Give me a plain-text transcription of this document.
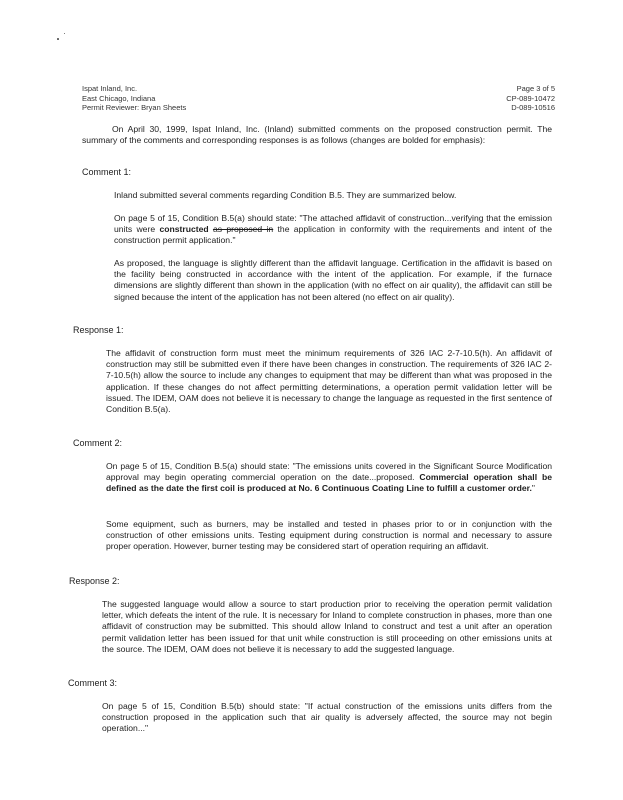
Ispat Inland, Inc.
East Chicago, Indiana
Permit Reviewer: Bryan Sheets
Page 3 of 5
CP-089-10472
D-089-10516

On April 30, 1999, Ispat Inland, Inc. (Inland) submitted comments on the proposed construction permit. The summary of the comments and corresponding responses is as follows (changes are bolded for emphasis):

Comment 1:

Inland submitted several comments regarding Condition B.5. They are summarized below.

On page 5 of 15, Condition B.5(a) should state: "The attached affidavit of construction...verifying that the emission units were constructed as proposed in the application in conformity with the requirements and intent of the construction permit application."

As proposed, the language is slightly different than the affidavit language. Certification in the affidavit is based on the facility being constructed in accordance with the intent of the application. For example, if the furnace dimensions are slightly different than shown in the application (with no effect on air quality), the affidavit can still be signed because the intent of the application has not been altered (no effect on air quality).

Response 1:

The affidavit of construction form must meet the minimum requirements of 326 IAC 2-7-10.5(h). An affidavit of construction may still be submitted even if there have been changes in construction. The requirements of 326 IAC 2-7-10.5(h) allow the source to include any changes to equipment that may be different than what was proposed in the application. If these changes do not affect permitting determinations, a operation permit validation letter will be issued. The IDEM, OAM does not believe it is necessary to change the language as requested in the first sentence of Condition B.5(a).

Comment 2:

On page 5 of 15, Condition B.5(a) should state: "The emissions units covered in the Significant Source Modification approval may begin operating commercial operation on the date...proposed. Commercial operation shall be defined as the date the first coil is produced at No. 6 Continuous Coating Line to fulfill a customer order."

Some equipment, such as burners, may be installed and tested in phases prior to or in conjunction with the construction of other emissions units. Testing equipment during construction is normal and necessary to assure proper operation. However, burner testing may be considered start of operation requiring an affidavit.

Response 2:

The suggested language would allow a source to start production prior to receiving the operation permit validation letter, which defeats the intent of the rule. It is necessary for Inland to complete construction in phases, more than one affidavit of construction may be submitted. This should allow Inland to construct and test a unit after an operation permit validation letter has been issued for that unit while construction is still proceeding on other emissions units at the source. The IDEM, OAM does not believe it is necessary to add the suggested language.

Comment 3:

On page 5 of 15, Condition B.5(b) should state: "If actual construction of the emissions units differs from the construction proposed in the application such that air quality is adversely affected, the source may not begin operation..."
